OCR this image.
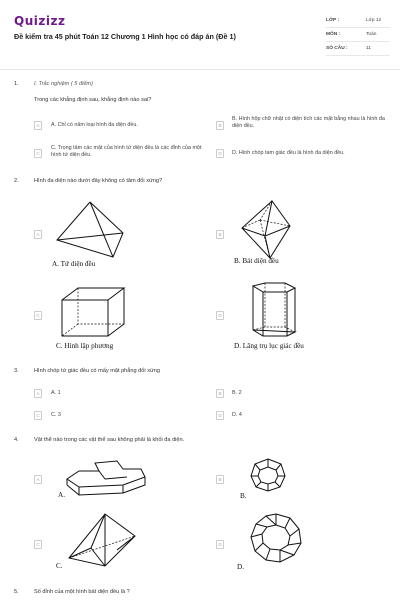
Quizizz
Đề kiểm tra 45 phút Toán 12 Chương 1 Hình học có đáp án (Đề 1)
LỚP :	Lớp 12
MÔN :	Toán
SỐ CÂU :	11
1.	I. Trắc nghiệm ( 5 điểm)
Trong các khẳng định sau, khẳng định nào sai?
A	A. Chỉ có năm loại hình đa diện đều.	B
B. Hình hộp chữ nhật có diện tích các mặt bằng nhau là hình đa diện đều.
C
C. Trọng tâm các mặt của hình tứ diện đều là các đỉnh của một hình tứ diện đều.	D	D. Hình chóp tam giác đều là hình đa diện đều.
2.	Hình đa diện nào dưới đây không có tâm đối xứng?
A
A. Tứ diện đều
B
B. Bát diện đều
C
C. Hình lập phương
D
D. Lăng trụ lục giác đều
3.	Hình chóp tứ giác đều có mấy mặt phẳng đối xứng
A	A. 1	B	B. 2
C	C. 3	D	D. 4
4.	Vật thể nào trong các vật thể sau không phải là khối đa diện.
A
A.
B
B.
C
C.
D
D.
5.	Số đỉnh của một hình bát diện đều là ?
